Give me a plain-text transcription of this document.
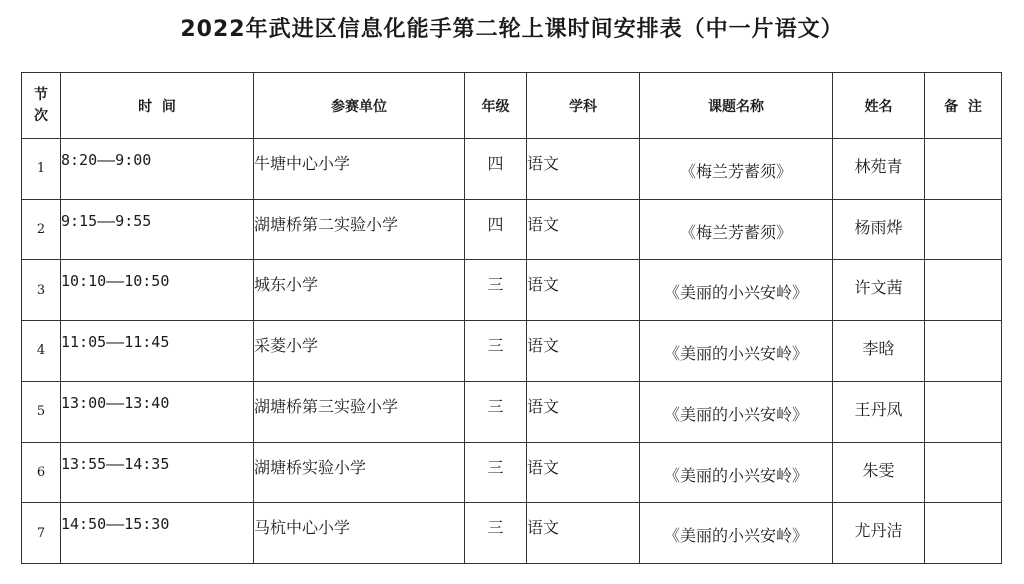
2022年武进区信息化能手第二轮上课时间安排表（中一片语文）
节
次	时  间	参赛单位	年级	学科	课题名称	姓名	备  注
1	8:20——9:00	牛塘中心小学	四	语文	《梅兰芳蓄须》	林苑青	

2	9:15——9:55	湖塘桥第二实验小学	四	语文	《梅兰芳蓄须》	杨雨烨	

3	10:10——10:50	城东小学	三	语文	《美丽的小兴安岭》	许文茜	

4	11:05——11:45	采菱小学	三	语文	《美丽的小兴安岭》	李晗	

5	13:00——13:40	湖塘桥第三实验小学	三	语文	《美丽的小兴安岭》	王丹凤	

6	13:55——14:35	湖塘桥实验小学	三	语文	《美丽的小兴安岭》	朱雯	

7	14:50——15:30	马杭中心小学	三	语文	《美丽的小兴安岭》	尤丹洁	
